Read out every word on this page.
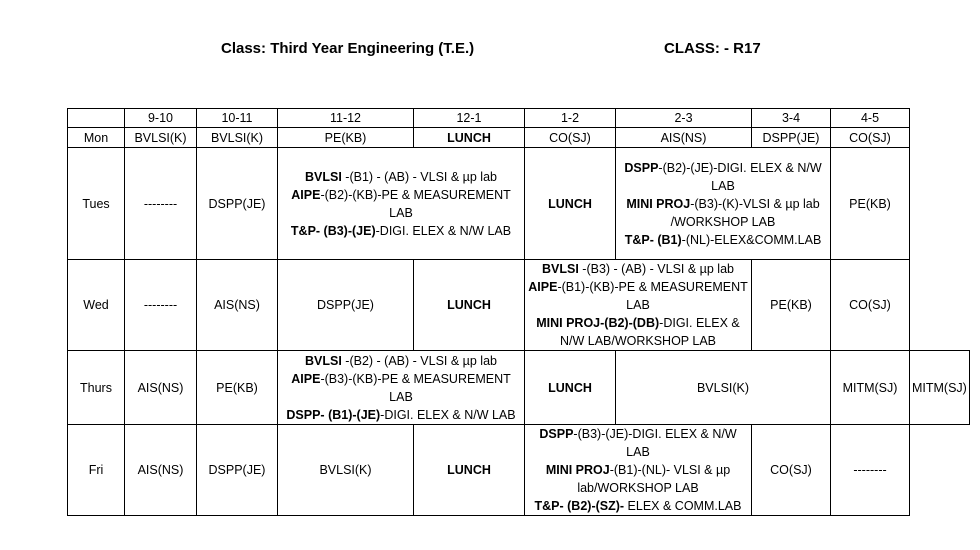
Class: Third Year Engineering (T.E.)	CLASS: - R17
	9-10	10-11	11-12	12-1	1-2	2-3	3-4	4-5	
Mon	BVLSI(K)	BVLSI(K)	PE(KB)	LUNCH	CO(SJ)	AIS(NS)	DSPP(JE)	CO(SJ)	
Tues	--------	DSPP(JE)	BVLSI -(B1) - (AB) - VLSI & µp lab
AIPE-(B2)-(KB)-PE & MEASUREMENT LAB
T&P- (B3)-(JE)-DIGI. ELEX & N/W LAB		LUNCH	DSPP-(B2)-(JE)-DIGI. ELEX & N/W LAB
MINI PROJ-(B3)-(K)-VLSI & µp lab /WORKSHOP LAB
T&P- (B1)-(NL)-ELEX&COMM.LAB		PE(KB)	
Wed	--------	AIS(NS)	DSPP(JE)	LUNCH	BVLSI -(B3) - (AB) - VLSI & µp lab
AIPE-(B1)-(KB)-PE & MEASUREMENT LAB
MINI PROJ-(B2)-(DB)-DIGI. ELEX & N/W LAB/WORKSHOP LAB		PE(KB)	CO(SJ)	
Thurs	AIS(NS)	PE(KB)	BVLSI -(B2) - (AB) - VLSI & µp lab
AIPE-(B3)-(KB)-PE & MEASUREMENT LAB
DSPP- (B1)-(JE)-DIGI. ELEX & N/W LAB		LUNCH	BVLSI(K)		MITM(SJ)	MITM(SJ)
Fri	AIS(NS)	DSPP(JE)	BVLSI(K)	LUNCH	DSPP-(B3)-(JE)-DIGI. ELEX & N/W LAB
MINI PROJ-(B1)-(NL)- VLSI & µp lab/WORKSHOP LAB
T&P- (B2)-(SZ)- ELEX & COMM.LAB		CO(SJ)	--------	
